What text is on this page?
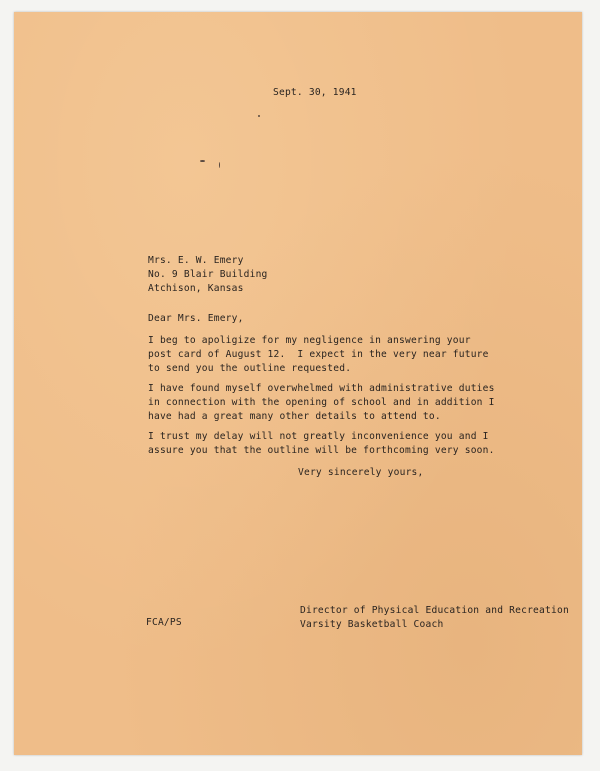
Sept. 30, 1941
Mrs. E. W. Emery
No. 9 Blair Building
Atchison, Kansas
Dear Mrs. Emery,
I beg to apoligize for my negligence in answering your
post card of August 12.  I expect in the very near future
to send you the outline requested.
I have found myself overwhelmed with administrative duties
in connection with the opening of school and in addition I
have had a great many other details to attend to.
I trust my delay will not greatly inconvenience you and I
assure you that the outline will be forthcoming very soon.
Very sincerely yours,
Director of Physical Education and Recreation
Varsity Basketball Coach
FCA/PS
